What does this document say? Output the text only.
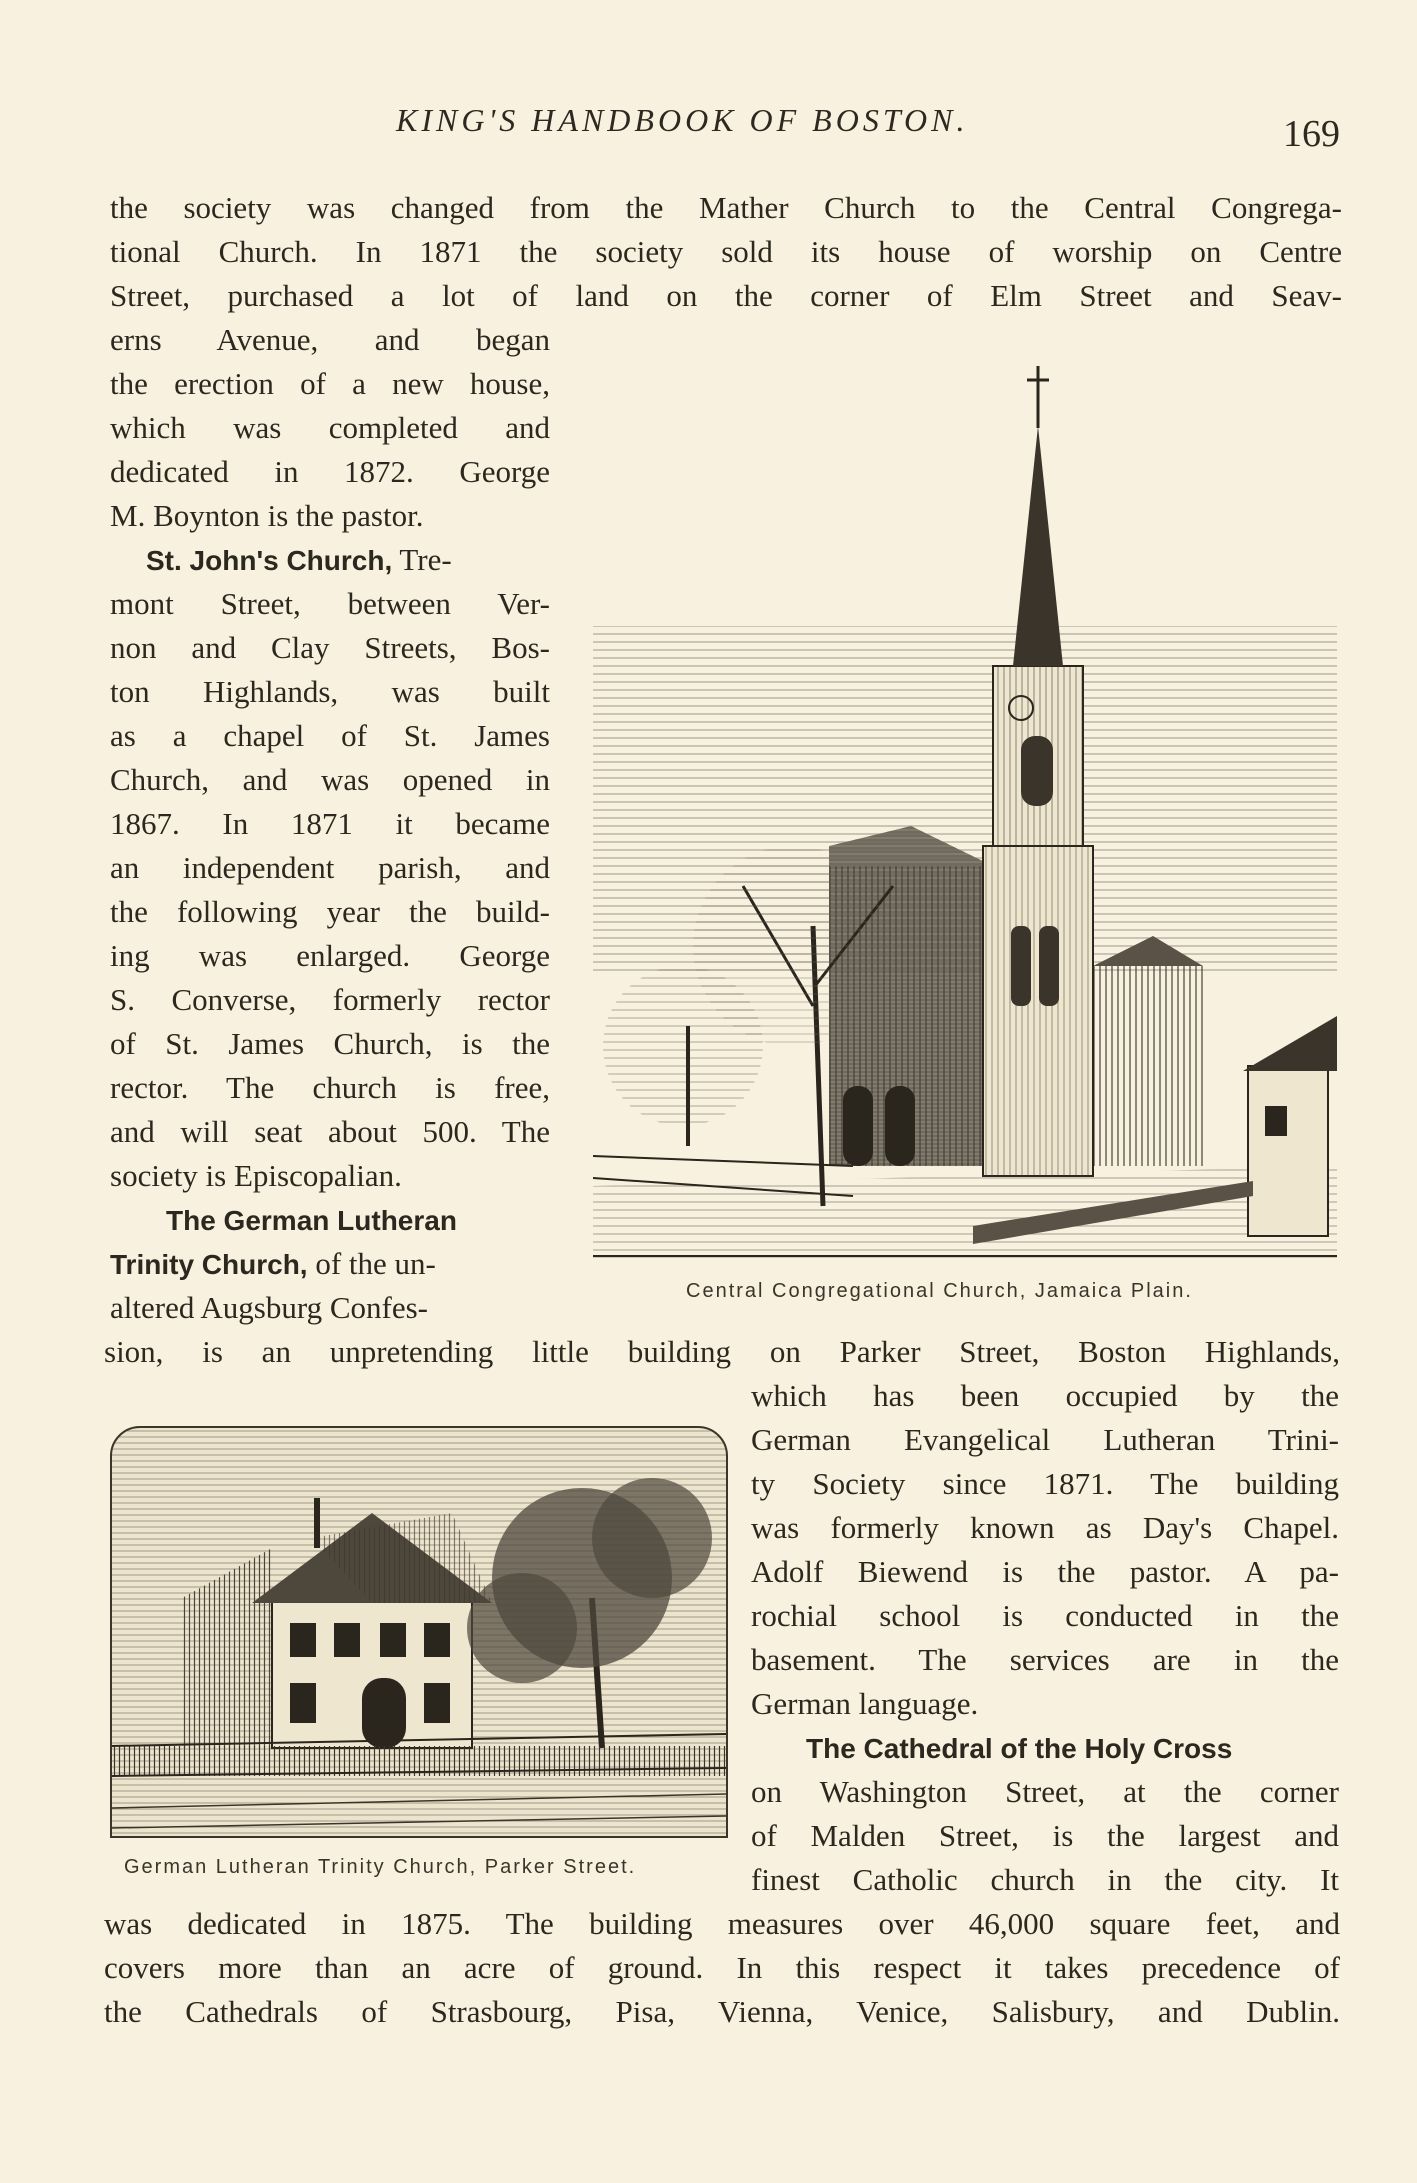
KING'S HANDBOOK OF BOSTON.	169
the society was changed from the Mather Church to the Central Congrega-
tional Church. In 1871 the society sold its house of worship on Centre
Street, purchased a lot of land on the corner of Elm Street and Seav-
erns Avenue, and began
the erection of a new house,
which was completed and
dedicated in 1872. George
M. Boynton is the pastor.
St. John's Church, Tre-
mont Street, between Ver-
non and Clay Streets, Bos-
ton Highlands, was built
as a chapel of St. James
Church, and was opened in
1867. In 1871 it became
an independent parish, and
the following year the build-
ing was enlarged. George
S. Converse, formerly rector
of St. James Church, is the
rector. The church is free,
and will seat about 500. The
society is Episcopalian.
The German Lutheran
Trinity Church, of the un-
altered Augsburg Confes-	Central Congregational Church, Jamaica Plain.
sion, is an unpretending little building on Parker Street, Boston Highlands,
German Lutheran Trinity Church, Parker Street.
which has been occupied by the
German Evangelical Lutheran Trini-
ty Society since 1871. The building
was formerly known as Day's Chapel.
Adolf Biewend is the pastor. A pa-
rochial school is conducted in the
basement. The services are in the
German language.
The Cathedral of the Holy Cross
on Washington Street, at the corner
of Malden Street, is the largest and
finest Catholic church in the city. It
was dedicated in 1875. The building measures over 46,000 square feet, and
covers more than an acre of ground. In this respect it takes precedence of
the Cathedrals of Strasbourg, Pisa, Vienna, Venice, Salisbury, and Dublin.
